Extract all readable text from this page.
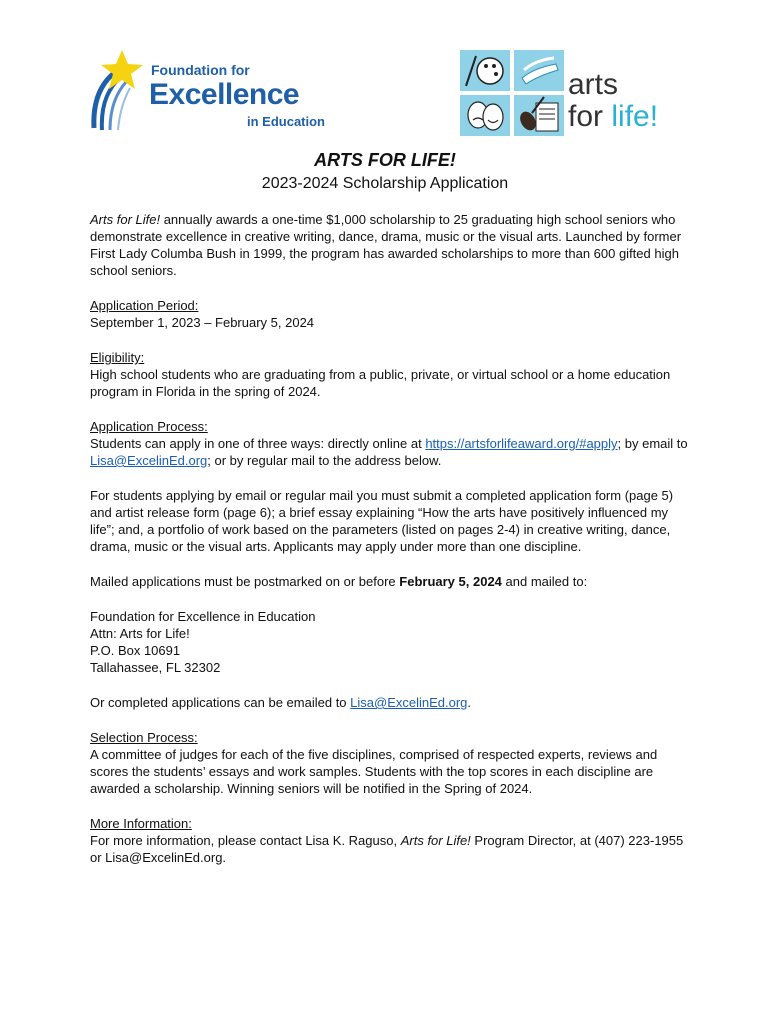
Foundation for
Excellence
in Education
arts
for life!
ARTS FOR LIFE!
2023-2024 Scholarship Application

Arts for Life! annually awards a one-time $1,000 scholarship to 25 graduating high school seniors who demonstrate excellence in creative writing, dance, drama, music or the visual arts. Launched by former First Lady Columba Bush in 1999, the program has awarded scholarships to more than 600 gifted high school seniors.

Application Period:
September 1, 2023 – February 5, 2024

Eligibility:
High school students who are graduating from a public, private, or virtual school or a home education program in Florida in the spring of 2024.

Application Process:
Students can apply in one of three ways: directly online at https://artsforlifeaward.org/#apply; by email to Lisa@ExcelinEd.org; or by regular mail to the address below.

For students applying by email or regular mail you must submit a completed application form (page 5) and artist release form (page 6); a brief essay explaining “How the arts have positively influenced my life”; and, a portfolio of work based on the parameters (listed on pages 2-4) in creative writing, dance, drama, music or the visual arts. Applicants may apply under more than one discipline.

Mailed applications must be postmarked on or before February 5, 2024 and mailed to:

Foundation for Excellence in Education
Attn: Arts for Life!
P.O. Box 10691
Tallahassee, FL 32302

Or completed applications can be emailed to Lisa@ExcelinEd.org.

Selection Process:
A committee of judges for each of the five disciplines, comprised of respected experts, reviews and scores the students’ essays and work samples. Students with the top scores in each discipline are awarded a scholarship. Winning seniors will be notified in the Spring of 2024.

More Information:
For more information, please contact Lisa K. Raguso, Arts for Life! Program Director, at (407) 223-1955 or Lisa@ExcelinEd.org.
